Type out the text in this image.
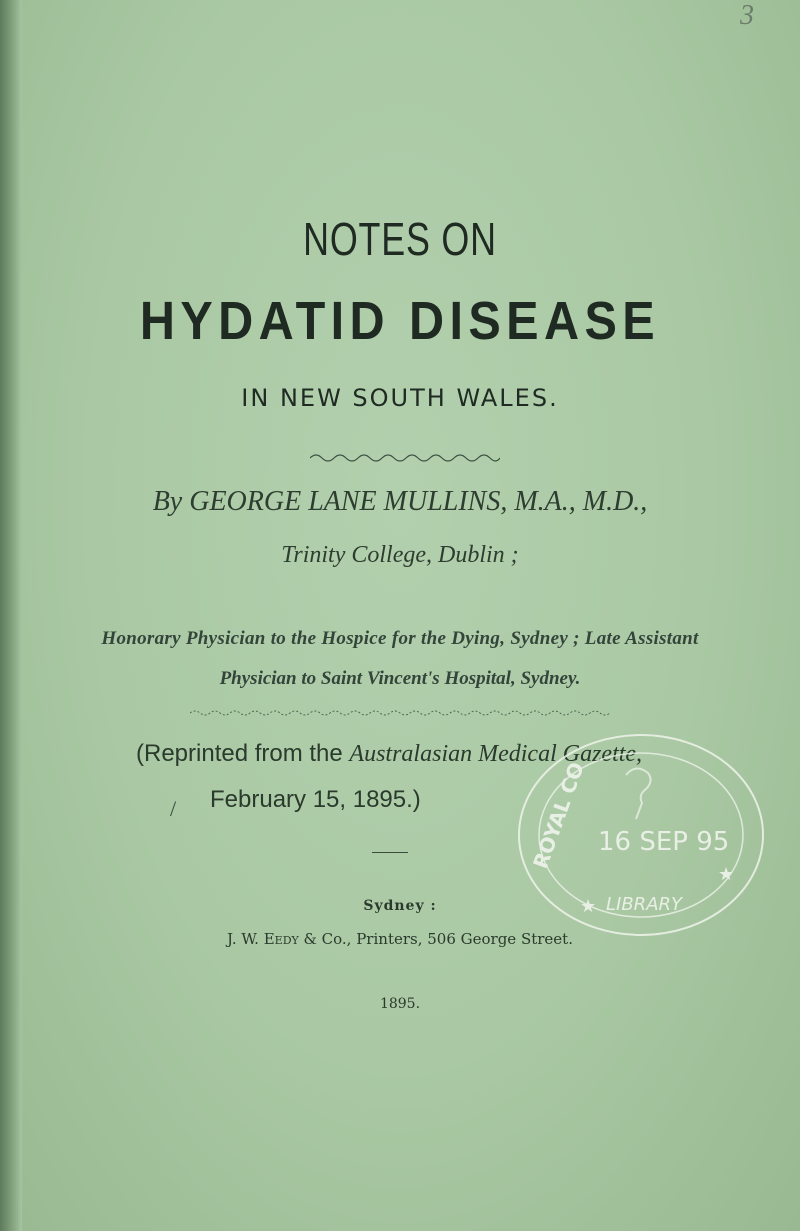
3
NOTES ON
HYDATID DISEASE
IN NEW SOUTH WALES.
By GEORGE LANE MULLINS, M.A., M.D.,
Trinity College, Dublin ;
Honorary Physician to the Hospice for the Dying, Sydney ; Late Assistant
Physician to Saint Vincent's Hospital, Sydney.
(Reprinted from the Australasian Medical Gazette,
/ February 15, 1895.)
Sydney :
J. W. Eedy & Co., Printers, 506 George Street.
1895.
ROYAL CO 16 SEP 95
LIBRARY
★
★
